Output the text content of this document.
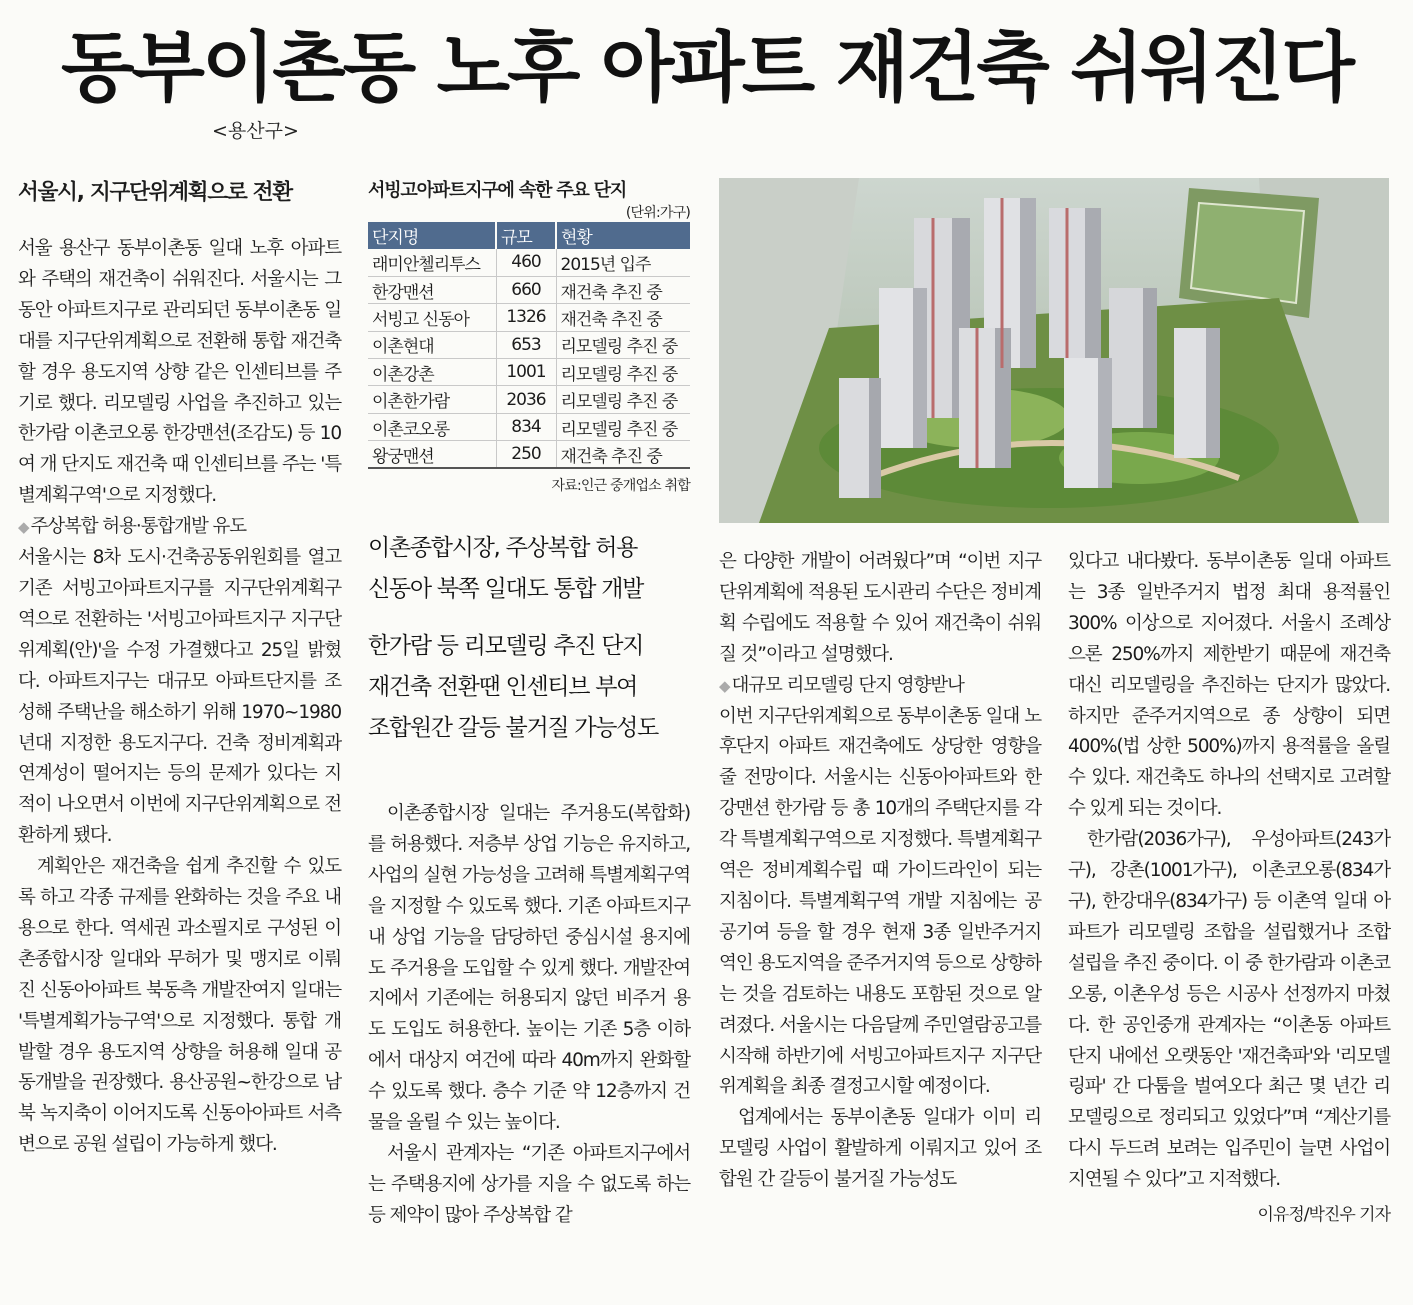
동부이촌동 노후 아파트 재건축 쉬워진다
<용산구>
서울시, 지구단위계획으로 전환

서울 용산구 동부이촌동 일대 노후 아파트와 주택의 재건축이 쉬워진다. 서울시는 그동안 아파트지구로 관리되던 동부이촌동 일대를 지구단위계획으로 전환해 통합 재건축할 경우 용도지역 상향 같은 인센티브를 주기로 했다. 리모델링 사업을 추진하고 있는 한가람 이촌코오롱 한강맨션(조감도) 등 10여 개 단지도 재건축 때 인센티브를 주는 '특별계획구역'으로 지정했다.

◆ 주상복합 허용·통합개발 유도

서울시는 8차 도시·건축공동위원회를 열고 기존 서빙고아파트지구를 지구단위계획구역으로 전환하는 '서빙고아파트지구 지구단위계획(안)'을 수정 가결했다고 25일 밝혔다. 아파트지구는 대규모 아파트단지를 조성해 주택난을 해소하기 위해 1970~1980년대 지정한 용도지구다. 건축 정비계획과 연계성이 떨어지는 등의 문제가 있다는 지적이 나오면서 이번에 지구단위계획으로 전환하게 됐다.

계획안은 재건축을 쉽게 추진할 수 있도록 하고 각종 규제를 완화하는 것을 주요 내용으로 한다. 역세권 과소필지로 구성된 이촌종합시장 일대와 무허가 및 맹지로 이뤄진 신동아아파트 북동측 개발잔여지 일대는 '특별계획가능구역'으로 지정했다. 통합 개발할 경우 용도지역 상향을 허용해 일대 공동개발을 권장했다. 용산공원~한강으로 남북 녹지축이 이어지도록 신동아아파트 서측변으로 공원 설립이 가능하게 했다.

서빙고아파트지구에 속한 주요 단지
(단위:가구)
단지명	규모	현황
래미안첼리투스	460	2015년 입주
한강맨션	660	재건축 추진 중
서빙고 신동아	1326	재건축 추진 중
이촌현대	653	리모델링 추진 중
이촌강촌	1001	리모델링 추진 중
이촌한가람	2036	리모델링 추진 중
이촌코오롱	834	리모델링 추진 중
왕궁맨션	250	재건축 추진 중
자료:인근 중개업소 취합
이촌종합시장, 주상복합 허용
신동아 북쪽 일대도 통합 개발
한가람 등 리모델링 추진 단지
재건축 전환땐 인센티브 부여
조합원간 갈등 불거질 가능성도

이촌종합시장 일대는 주거용도(복합화)를 허용했다. 저층부 상업 기능은 유지하고, 사업의 실현 가능성을 고려해 특별계획구역을 지정할 수 있도록 했다. 기존 아파트지구 내 상업 기능을 담당하던 중심시설 용지에도 주거용을 도입할 수 있게 했다. 개발잔여지에서 기존에는 허용되지 않던 비주거 용도 도입도 허용한다. 높이는 기존 5층 이하에서 대상지 여건에 따라 40m까지 완화할 수 있도록 했다. 층수 기준 약 12층까지 건물을 올릴 수 있는 높이다.

서울시 관계자는 “기존 아파트지구에서는 주택용지에 상가를 지을 수 없도록 하는 등 제약이 많아 주상복합 같

은 다양한 개발이 어려웠다”며 “이번 지구단위계획에 적용된 도시관리 수단은 정비계획 수립에도 적용할 수 있어 재건축이 쉬워질 것”이라고 설명했다.

◆ 대규모 리모델링 단지 영향받나

이번 지구단위계획으로 동부이촌동 일대 노후단지 아파트 재건축에도 상당한 영향을 줄 전망이다. 서울시는 신동아아파트와 한강맨션 한가람 등 총 10개의 주택단지를 각각 특별계획구역으로 지정했다. 특별계획구역은 정비계획수립 때 가이드라인이 되는 지침이다. 특별계획구역 개발 지침에는 공공기여 등을 할 경우 현재 3종 일반주거지역인 용도지역을 준주거지역 등으로 상향하는 것을 검토하는 내용도 포함된 것으로 알려졌다. 서울시는 다음달께 주민열람공고를 시작해 하반기에 서빙고아파트지구 지구단위계획을 최종 결정고시할 예정이다.

업계에서는 동부이촌동 일대가 이미 리모델링 사업이 활발하게 이뤄지고 있어 조합원 간 갈등이 불거질 가능성도

있다고 내다봤다. 동부이촌동 일대 아파트는 3종 일반주거지 법정 최대 용적률인 300% 이상으로 지어졌다. 서울시 조례상으론 250%까지 제한받기 때문에 재건축 대신 리모델링을 추진하는 단지가 많았다. 하지만 준주거지역으로 종 상향이 되면 400%(법 상한 500%)까지 용적률을 올릴 수 있다. 재건축도 하나의 선택지로 고려할 수 있게 되는 것이다.

한가람(2036가구), 우성아파트(243가구), 강촌(1001가구), 이촌코오롱(834가구), 한강대우(834가구) 등 이촌역 일대 아파트가 리모델링 조합을 설립했거나 조합 설립을 추진 중이다. 이 중 한가람과 이촌코오롱, 이촌우성 등은 시공사 선정까지 마쳤다. 한 공인중개 관계자는 “이촌동 아파트 단지 내에선 오랫동안 '재건축파'와 '리모델링파' 간 다툼을 벌여오다 최근 몇 년간 리모델링으로 정리되고 있었다”며 “계산기를 다시 두드려 보려는 입주민이 늘면 사업이 지연될 수 있다”고 지적했다.

이유정/박진우 기자
